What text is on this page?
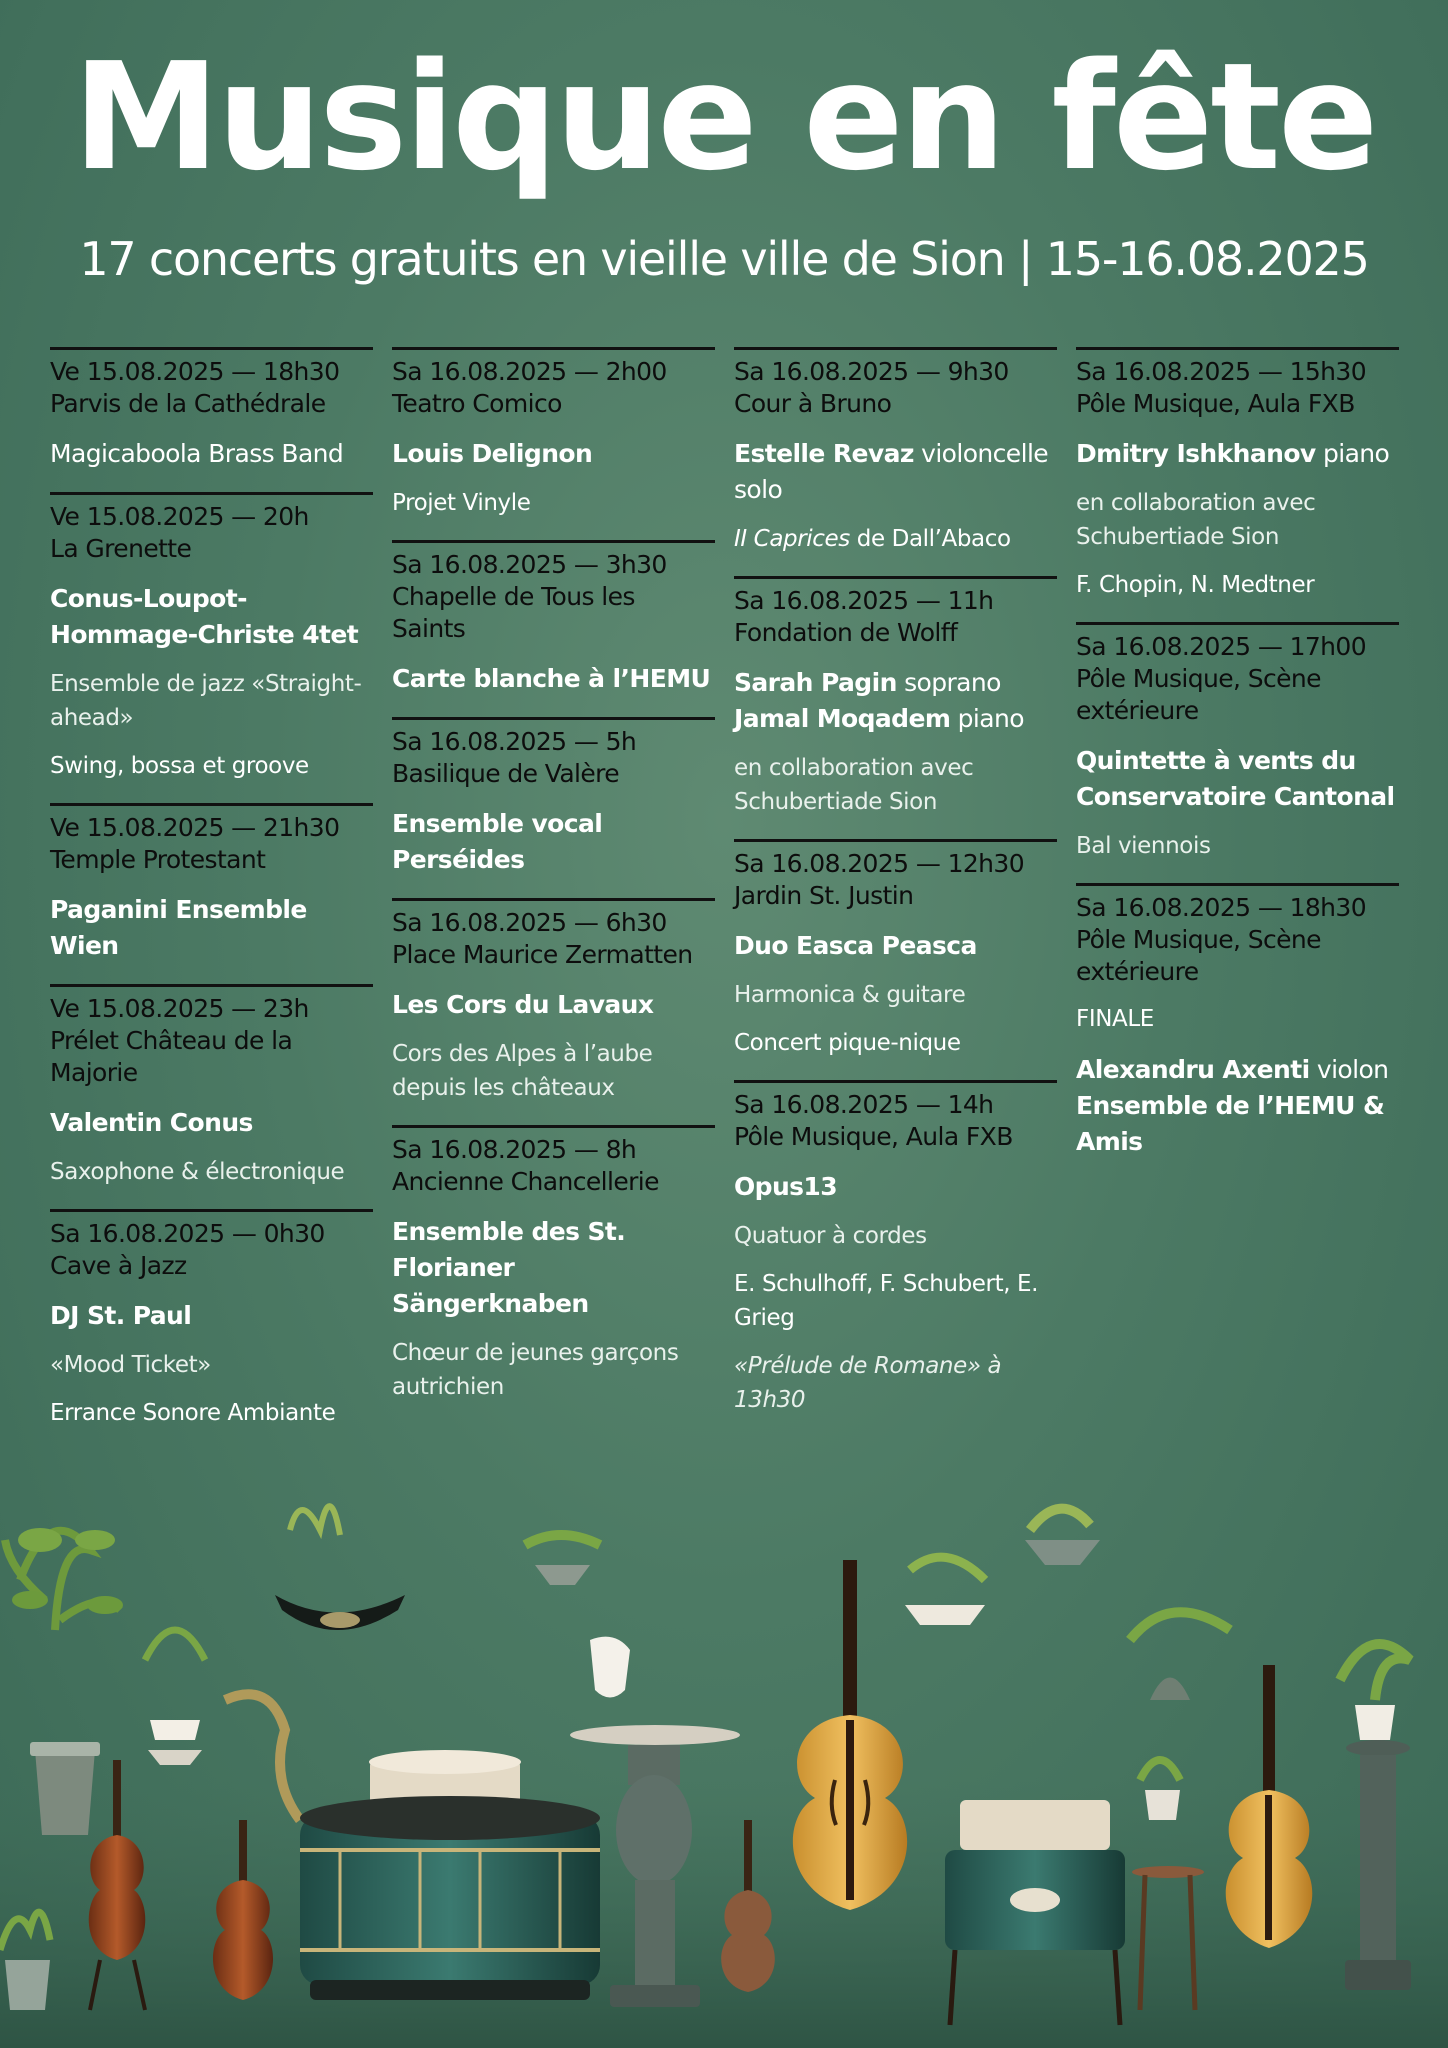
Musique en fête

17 concerts gratuits en vieille ville de Sion | 15-16.08.2025

Ve 15.08.2025 — 18h30

Parvis de la Cathédrale

Magicaboola Brass Band

Ve 15.08.2025 — 20h

La Grenette

Conus-Loupot-Hommage-Christe 4tet

Ensemble de jazz «Straight-ahead»

Swing, bossa et groove

Ve 15.08.2025 — 21h30

Temple Protestant

Paganini Ensemble Wien

Ve 15.08.2025 — 23h

Prélet Château de la Majorie

Valentin Conus

Saxophone & électronique

Sa 16.08.2025 — 0h30

Cave à Jazz

DJ St. Paul

«Mood Ticket»

Errance Sonore Ambiante

Sa 16.08.2025 — 2h00

Teatro Comico

Louis Delignon

Projet Vinyle

Sa 16.08.2025 — 3h30

Chapelle de Tous les Saints

Carte blanche à l’HEMU

Sa 16.08.2025 — 5h

Basilique de Valère

Ensemble vocal Perséides

Sa 16.08.2025 — 6h30

Place Maurice Zermatten

Les Cors du Lavaux

Cors des Alpes à l’aube depuis les châteaux

Sa 16.08.2025 — 8h

Ancienne Chancellerie

Ensemble des St. Florianer Sängerknaben

Chœur de jeunes garçons autrichien

Sa 16.08.2025 — 9h30

Cour à Bruno

Estelle Revaz violoncelle solo

II Caprices de Dall’Abaco

Sa 16.08.2025 — 11h

Fondation de Wolff

Sarah Pagin soprano

Jamal Moqadem piano

en collaboration avec Schubertiade Sion

Sa 16.08.2025 — 12h30

Jardin St. Justin

Duo Easca Peasca

Harmonica & guitare

Concert pique-nique

Sa 16.08.2025 — 14h

Pôle Musique, Aula FXB

Opus13

Quatuor à cordes

E. Schulhoff, F. Schubert, E. Grieg

«Prélude de Romane» à 13h30

Sa 16.08.2025 — 15h30

Pôle Musique, Aula FXB

Dmitry Ishkhanov piano

en collaboration avec Schubertiade Sion

F. Chopin, N. Medtner

Sa 16.08.2025 — 17h00

Pôle Musique, Scène extérieure

Quintette à vents du Conservatoire Cantonal

Bal viennois

Sa 16.08.2025 — 18h30

Pôle Musique, Scène extérieure

FINALE

Alexandru Axenti violon

Ensemble de l’HEMU & Amis
